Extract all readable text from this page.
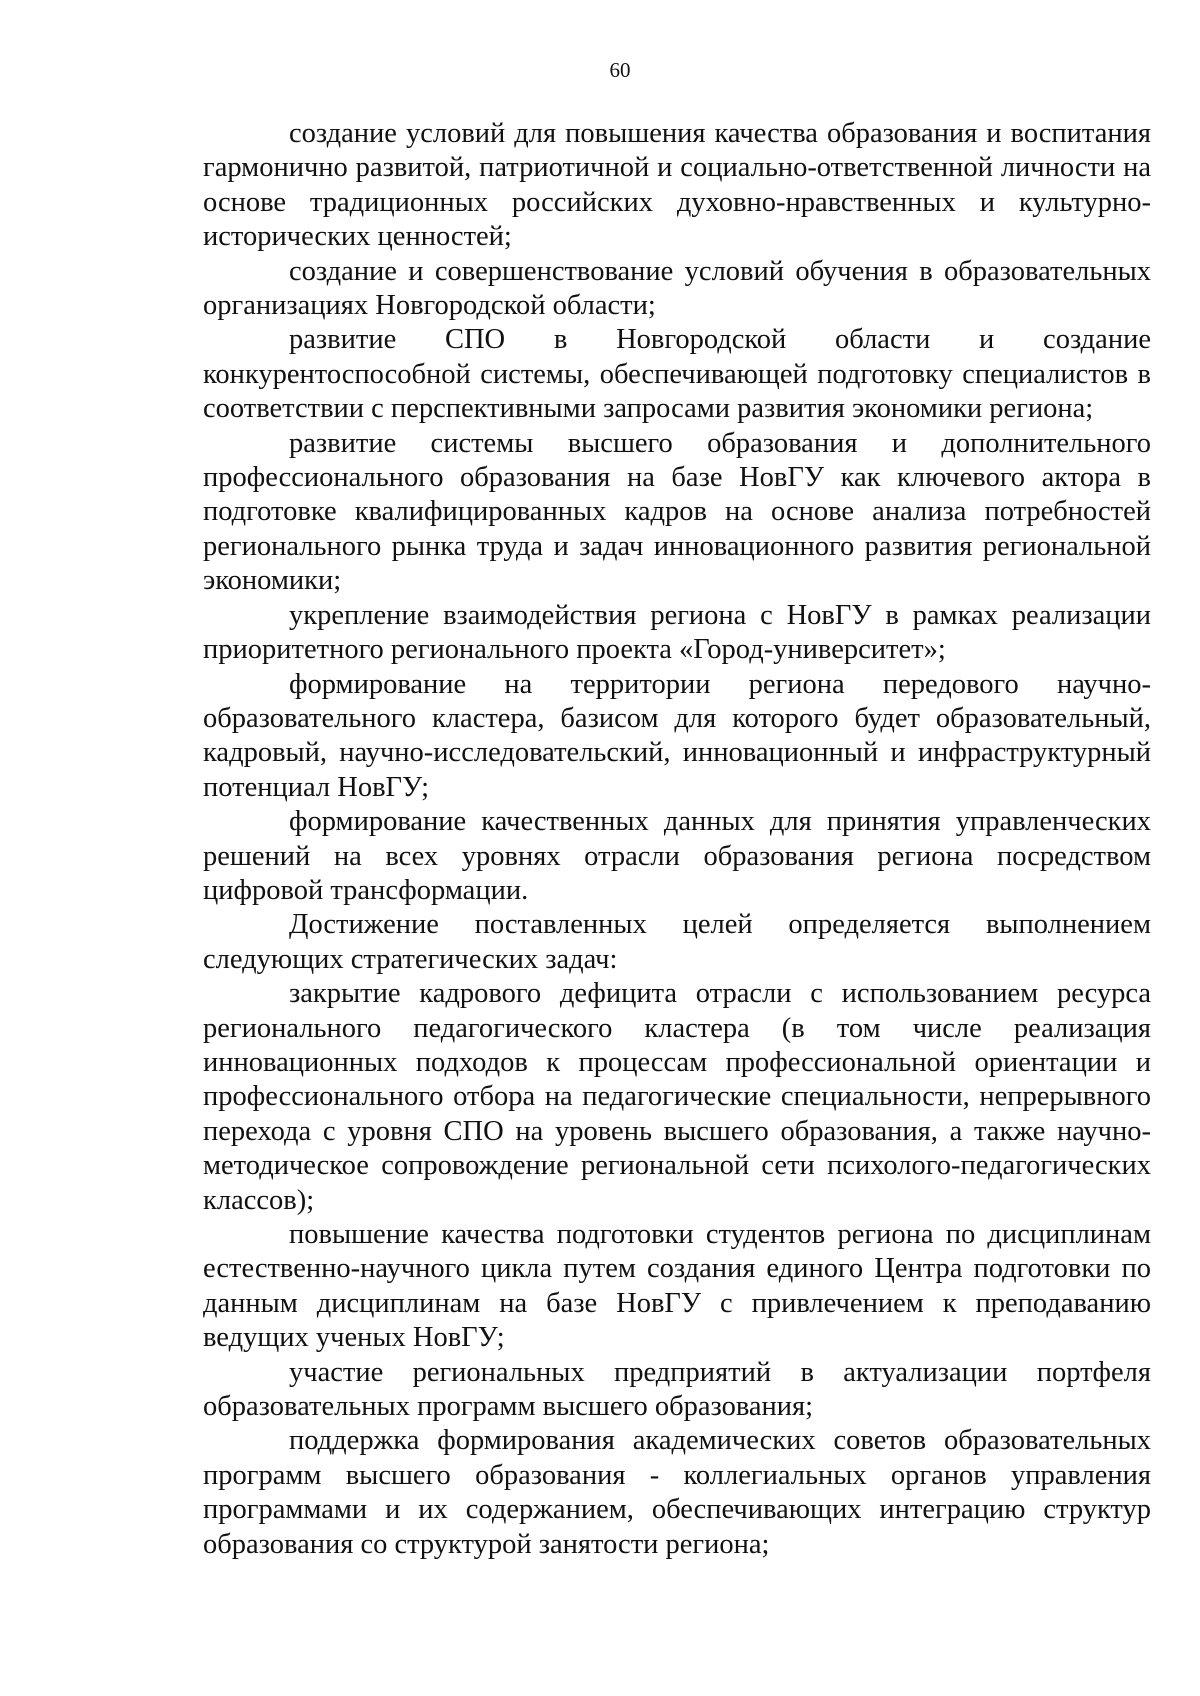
60

создание условий для повышения качества образования и воспитания гармонично развитой, патриотичной и социально-ответственной личности на основе традиционных российских духовно-нравственных и культурно-исторических ценностей;

создание и совершенствование условий обучения в образовательных организациях Новгородской области;

развитие СПО в Новгородской области и создание конкурентоспособной системы, обеспечивающей подготовку специалистов в соответствии с перспективными запросами развития экономики региона;

развитие системы высшего образования и дополнительного профессионального образования на базе НовГУ как ключевого актора в подготовке квалифицированных кадров на основе анализа потребностей регионального рынка труда и задач инновационного развития региональной экономики;

укрепление взаимодействия региона с НовГУ в рамках реализации приоритетного регионального проекта «Город-университет»;

формирование на территории региона передового научно-образовательного кластера, базисом для которого будет образовательный, кадровый, научно-исследовательский, инновационный и инфраструктурный потенциал НовГУ;

формирование качественных данных для принятия управленческих решений на всех уровнях отрасли образования региона посредством цифровой трансформации.

Достижение поставленных целей определяется выполнением следующих стратегических задач:

закрытие кадрового дефицита отрасли с использованием ресурса регионального педагогического кластера (в том числе реализация инновационных подходов к процессам профессиональной ориентации и профессионального отбора на педагогические специальности, непрерывного перехода с уровня СПО на уровень высшего образования, а также научно-методическое сопровождение региональной сети психолого-педагогических классов);

повышение качества подготовки студентов региона по дисциплинам естественно-научного цикла путем создания единого Центра подготовки по данным дисциплинам на базе НовГУ с привлечением к преподаванию ведущих ученых НовГУ;

участие региональных предприятий в актуализации портфеля образовательных программ высшего образования;

поддержка формирования академических советов образовательных программ высшего образования - коллегиальных органов управления программами и их содержанием, обеспечивающих интеграцию структур образования со структурой занятости региона;
